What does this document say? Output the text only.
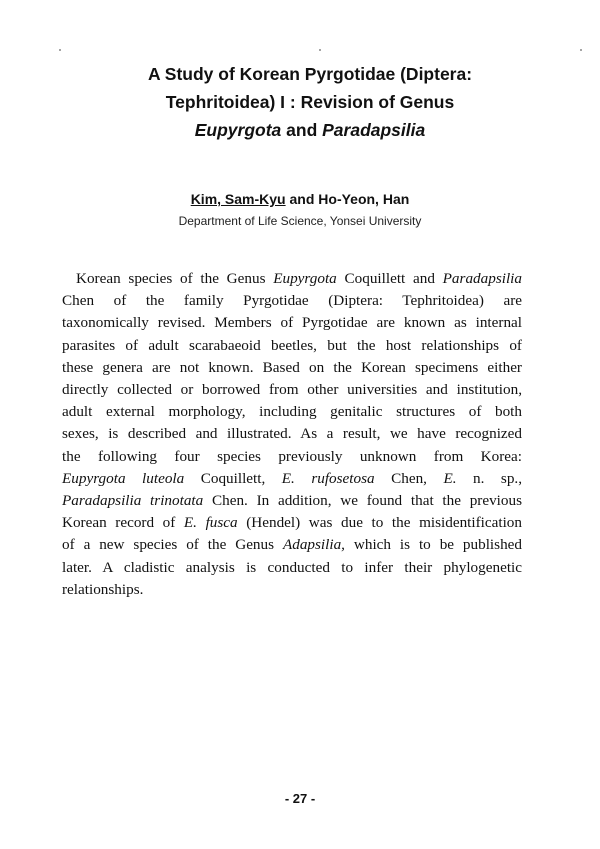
A Study of Korean Pyrgotidae (Diptera:
Tephritoidea) I : Revision of Genus
Eupyrgota and Paradapsilia
Kim, Sam-Kyu and Ho-Yeon, Han
Department of Life Science, Yonsei University
Korean species of the Genus Eupyrgota Coquillett and Paradapsilia
Chen of the family Pyrgotidae (Diptera: Tephritoidea) are
taxonomically revised. Members of Pyrgotidae are known as internal
parasites of adult scarabaeoid beetles, but the host relationships of
these genera are not known. Based on the Korean specimens either
directly collected or borrowed from other universities and institution,
adult external morphology, including genitalic structures of both
sexes, is described and illustrated. As a result, we have recognized
the following four species previously unknown from Korea:
Eupyrgota luteola Coquillett, E. rufosetosa Chen, E. n. sp.,
Paradapsilia trinotata Chen. In addition, we found that the previous
Korean record of E. fusca (Hendel) was due to the misidentification
of a new species of the Genus Adapsilia, which is to be published
later. A cladistic analysis is conducted to infer their phylogenetic
relationships.
- 27 -
